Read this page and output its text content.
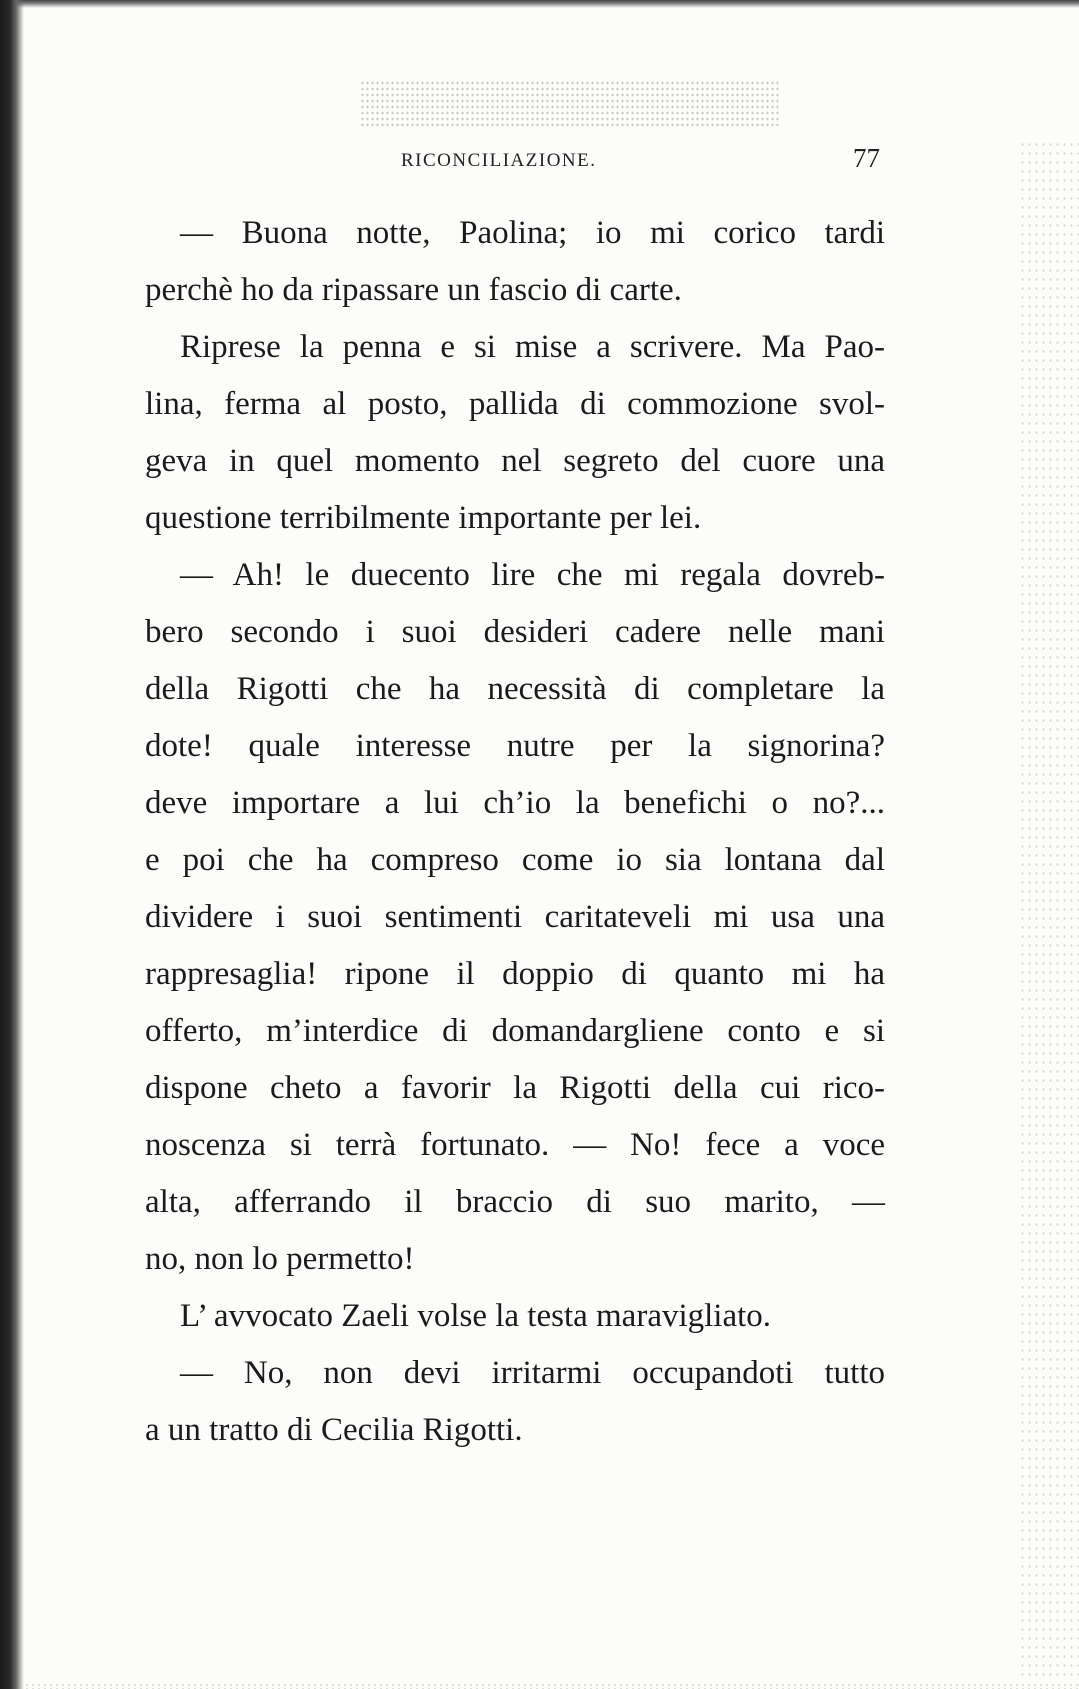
RICONCILIAZIONE.	77
— Buona notte, Paolina; io mi corico tardi
perchè ho da ripassare un fascio di carte.
Riprese la penna e si mise a scrivere. Ma Pao-
lina, ferma al posto, pallida di commozione svol-
geva in quel momento nel segreto del cuore una
questione terribilmente importante per lei.
— Ah! le duecento lire che mi regala dovreb-
bero secondo i suoi desideri cadere nelle mani
della Rigotti che ha necessità di completare la
dote! quale interesse nutre per la signorina?
deve importare a lui ch’io la benefichi o no?...
e poi che ha compreso come io sia lontana dal
dividere i suoi sentimenti caritateveli mi usa una
rappresaglia! ripone il doppio di quanto mi ha
offerto, m’interdice di domandargliene conto e si
dispone cheto a favorir la Rigotti della cui rico-
noscenza si terrà fortunato. — No! fece a voce
alta, afferrando il braccio di suo marito, —
no, non lo permetto!
L’ avvocato Zaeli volse la testa maravigliato.
— No, non devi irritarmi occupandoti tutto
a un tratto di Cecilia Rigotti.
